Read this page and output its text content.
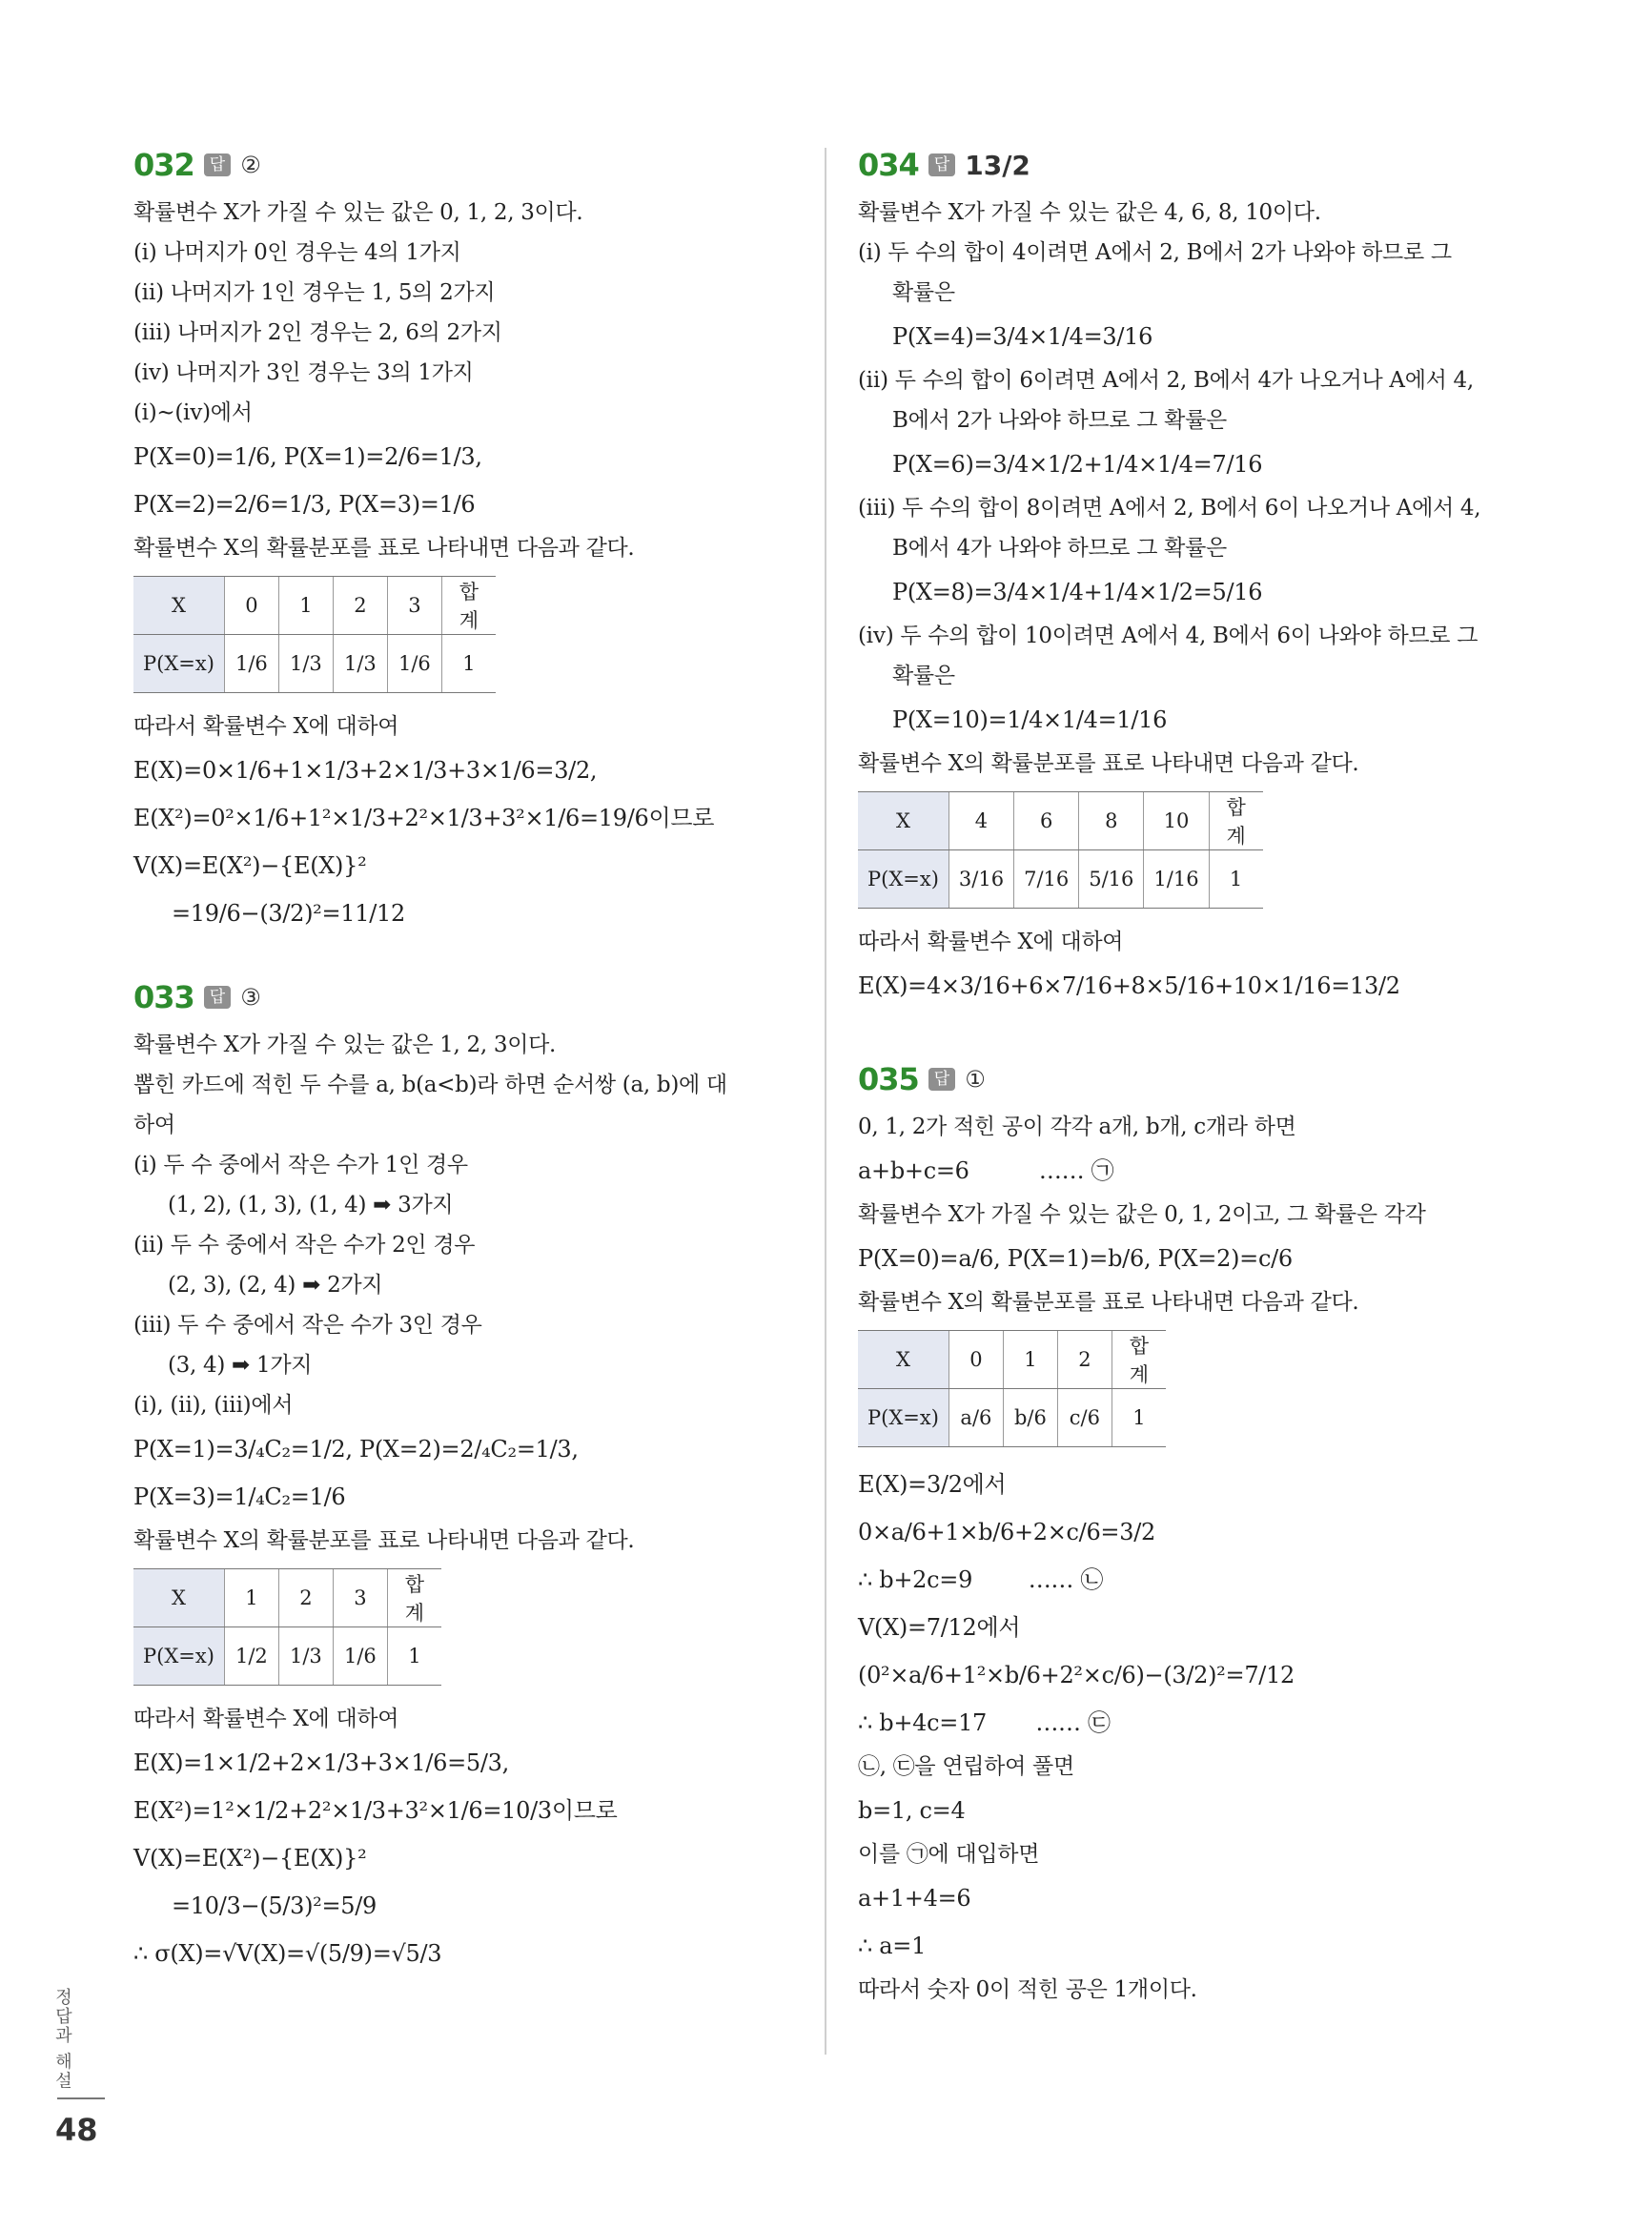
032 답 ②
확률변수 X가 가질 수 있는 값은 0, 1, 2, 3이다.
(ⅰ) 나머지가 0인 경우는 4의 1가지
(ⅱ) 나머지가 1인 경우는 1, 5의 2가지
(ⅲ) 나머지가 2인 경우는 2, 6의 2가지
(ⅳ) 나머지가 3인 경우는 3의 1가지
(ⅰ)~(ⅳ)에서
P(X=0)=1/6, P(X=1)=2/6=1/3,
P(X=2)=2/6=1/3, P(X=3)=1/6
확률변수 X의 확률분포를 표로 나타내면 다음과 같다.
X	0	1	2	3	합계
P(X=x)	1/6	1/3	1/3	1/6	1
따라서 확률변수 X에 대하여
E(X)=0×1/6+1×1/3+2×1/3+3×1/6=3/2,
E(X²)=0²×1/6+1²×1/3+2²×1/3+3²×1/6=19/6이므로
V(X)=E(X²)−{E(X)}²
=19/6−(3/2)²=11/12
033 답 ③
확률변수 X가 가질 수 있는 값은 1, 2, 3이다.
뽑힌 카드에 적힌 두 수를 a, b(a<b)라 하면 순서쌍 (a, b)에 대
하여
(ⅰ) 두 수 중에서 작은 수가 1인 경우
(1, 2), (1, 3), (1, 4) ➡ 3가지
(ⅱ) 두 수 중에서 작은 수가 2인 경우
(2, 3), (2, 4) ➡ 2가지
(ⅲ) 두 수 중에서 작은 수가 3인 경우
(3, 4) ➡ 1가지
(ⅰ), (ⅱ), (ⅲ)에서
P(X=1)=3/₄C₂=1/2, P(X=2)=2/₄C₂=1/3,
P(X=3)=1/₄C₂=1/6
확률변수 X의 확률분포를 표로 나타내면 다음과 같다.
X	1	2	3	합계
P(X=x)	1/2	1/3	1/6	1
따라서 확률변수 X에 대하여
E(X)=1×1/2+2×1/3+3×1/6=5/3,
E(X²)=1²×1/2+2²×1/3+3²×1/6=10/3이므로
V(X)=E(X²)−{E(X)}²
=10/3−(5/3)²=5/9
∴ σ(X)=√V(X)=√(5/9)=√5/3
034 답 13/2
확률변수 X가 가질 수 있는 값은 4, 6, 8, 10이다.
(ⅰ) 두 수의 합이 4이려면 A에서 2, B에서 2가 나와야 하므로 그
확률은
P(X=4)=3/4×1/4=3/16
(ⅱ) 두 수의 합이 6이려면 A에서 2, B에서 4가 나오거나 A에서 4,
B에서 2가 나와야 하므로 그 확률은
P(X=6)=3/4×1/2+1/4×1/4=7/16
(ⅲ) 두 수의 합이 8이려면 A에서 2, B에서 6이 나오거나 A에서 4,
B에서 4가 나와야 하므로 그 확률은
P(X=8)=3/4×1/4+1/4×1/2=5/16
(ⅳ) 두 수의 합이 10이려면 A에서 4, B에서 6이 나와야 하므로 그
확률은
P(X=10)=1/4×1/4=1/16
확률변수 X의 확률분포를 표로 나타내면 다음과 같다.
X	4	6	8	10	합계
P(X=x)	3/16	7/16	5/16	1/16	1
따라서 확률변수 X에 대하여
E(X)=4×3/16+6×7/16+8×5/16+10×1/16=13/2
035 답 ①
0, 1, 2가 적힌 공이 각각 a개, b개, c개라 하면
a+b+c=6          …… ㉠
확률변수 X가 가질 수 있는 값은 0, 1, 2이고, 그 확률은 각각
P(X=0)=a/6, P(X=1)=b/6, P(X=2)=c/6
확률변수 X의 확률분포를 표로 나타내면 다음과 같다.
X	0	1	2	합계
P(X=x)	a/6	b/6	c/6	1
E(X)=3/2에서
0×a/6+1×b/6+2×c/6=3/2
∴ b+2c=9        …… ㉡
V(X)=7/12에서
(0²×a/6+1²×b/6+2²×c/6)−(3/2)²=7/12
∴ b+4c=17       …… ㉢
㉡, ㉢을 연립하여 풀면
b=1, c=4
이를 ㉠에 대입하면
a+1+4=6
∴ a=1
따라서 숫자 0이 적힌 공은 1개이다.
정답과 해설
48
